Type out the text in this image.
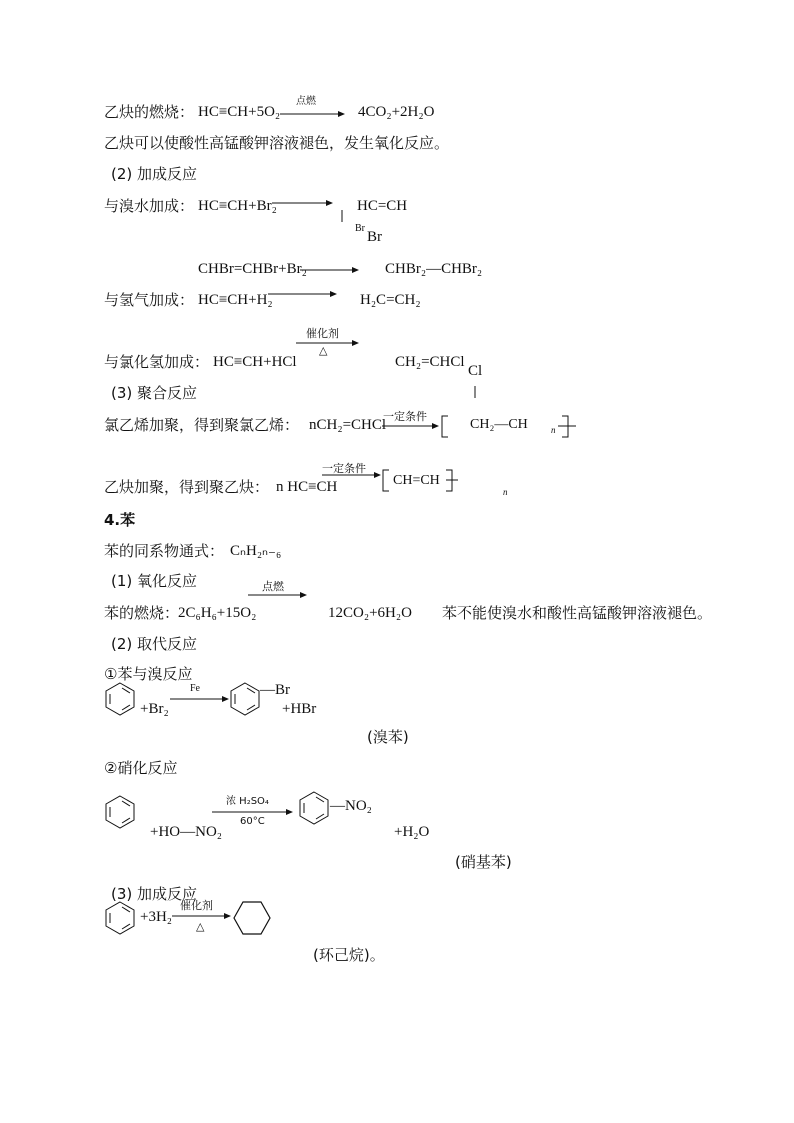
乙炔的燃烧： HC≡CH+5O₂
点燃
4CO₂+2H₂O
乙炔可以使酸性高锰酸钾溶液褪色，发生氧化反应。
(2) 加成反应
与溴水加成： HC≡CH+Br₂	HC=CH
Br
Br
CHBr=CHBr+Br₂	CHBr₂—CHBr₂
与氢气加成： HC≡CH+H₂	H₂C=CH₂
催化剂
△
与氯化氢加成： HC≡CH+HCl	CH₂=CHCl
Cl
(3) 聚合反应
氯乙烯加聚，得到聚氯乙烯： nCH₂=CHCl
一定条件
CH₂—CH	n
乙炔加聚，得到聚乙炔： n HC≡CH
一定条件
CH=CH
n
4.苯
苯的同系物通式： CₙH₂ₙ₋₆
(1) 氧化反应	点燃
苯的燃烧：
2C₆H₆+15O₂	12CO₂+6H₂O 苯不能使溴水和酸性高锰酸钾溶液褪色。
(2) 取代反应
①苯与溴反应
+Br₂
Fe	—Br
+HBr
(溴苯)
②硝化反应
浓 H₂SO₄
60°C
—NO₂
+HO—NO₂	+H₂O
(硝基苯)
(3) 加成反应
+3H₂
催化剂
△
(环己烷)。
